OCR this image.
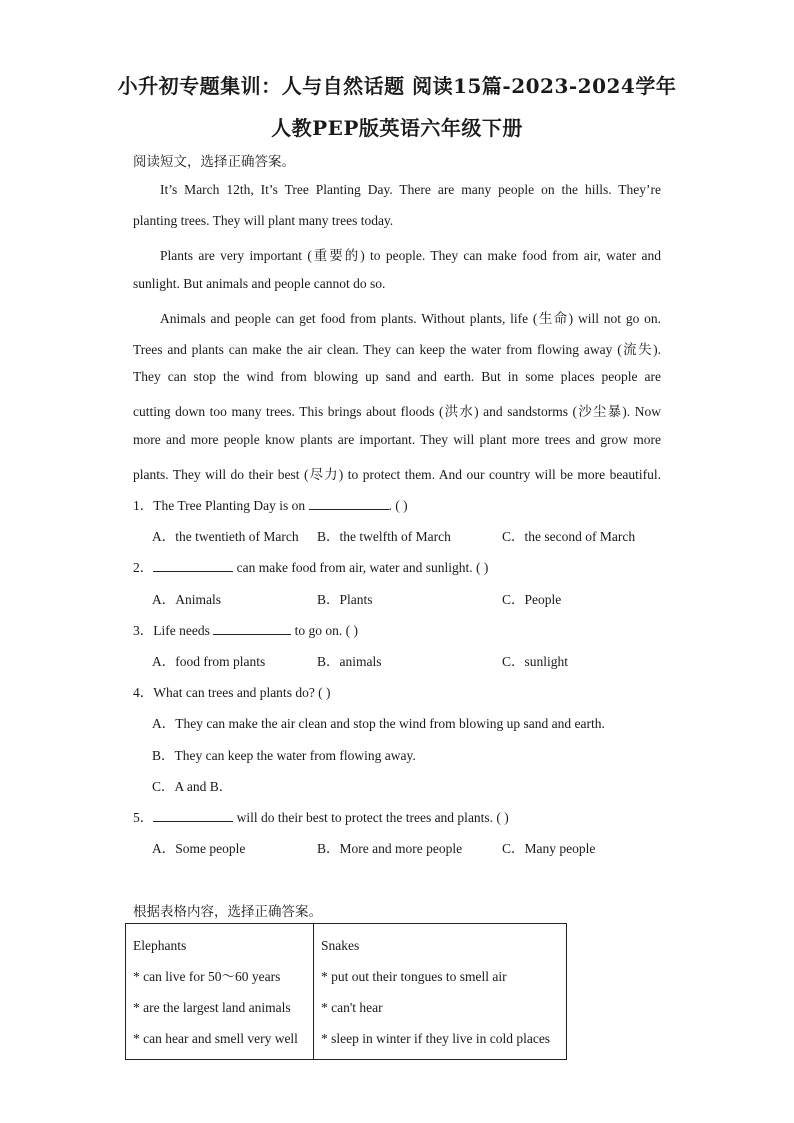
小升初专题集训：人与自然话题 阅读15篇-2023-2024学年
人教PEP版英语六年级下册
阅读短文，选择正确答案。
It’s March 12th, It’s Tree Planting Day. There are many people on the hills. They’re
planting trees. They will plant many trees today.
Plants are very important (重要的) to people. They can make food from air, water and
sunlight. But animals and people cannot do so.
Animals and people can get food from plants. Without plants, life (生命) will not go on.
Trees and plants can make the air clean. They can keep the water from flowing away (流失).
They can stop the wind from blowing up sand and earth. But in some places people are
cutting down too many trees. This brings about floods (洪水) and sandstorms (沙尘暴). Now
more and more people know plants are important. They will plant more trees and grow more
plants. They will do their best (尽力) to protect them. And our country will be more beautiful.
1．The Tree Planting Day is on	. ( )
A．the twentieth of March B．the twelfth of March	C．the second of March
2．	can make food from air, water and sunlight. ( )
A．Animals	B．Plants	C．People
3．Life needs	to go on. ( )
A．food from plants	B．animals	C．sunlight
4．What can trees and plants do? ( )
A．They can make the air clean and stop the wind from blowing up sand and earth.
B．They can keep the water from flowing away.
C．A and B．
5．	will do their best to protect the trees and plants. ( )
A．Some people	B．More and more people	C．Many people
根据表格内容，选择正确答案。
Elephants
* can live for 50～60 years
* are the largest land animals
* can hear and smell very well

Snakes
* put out their tongues to smell air
* can't hear
* sleep in winter if they live in cold places
